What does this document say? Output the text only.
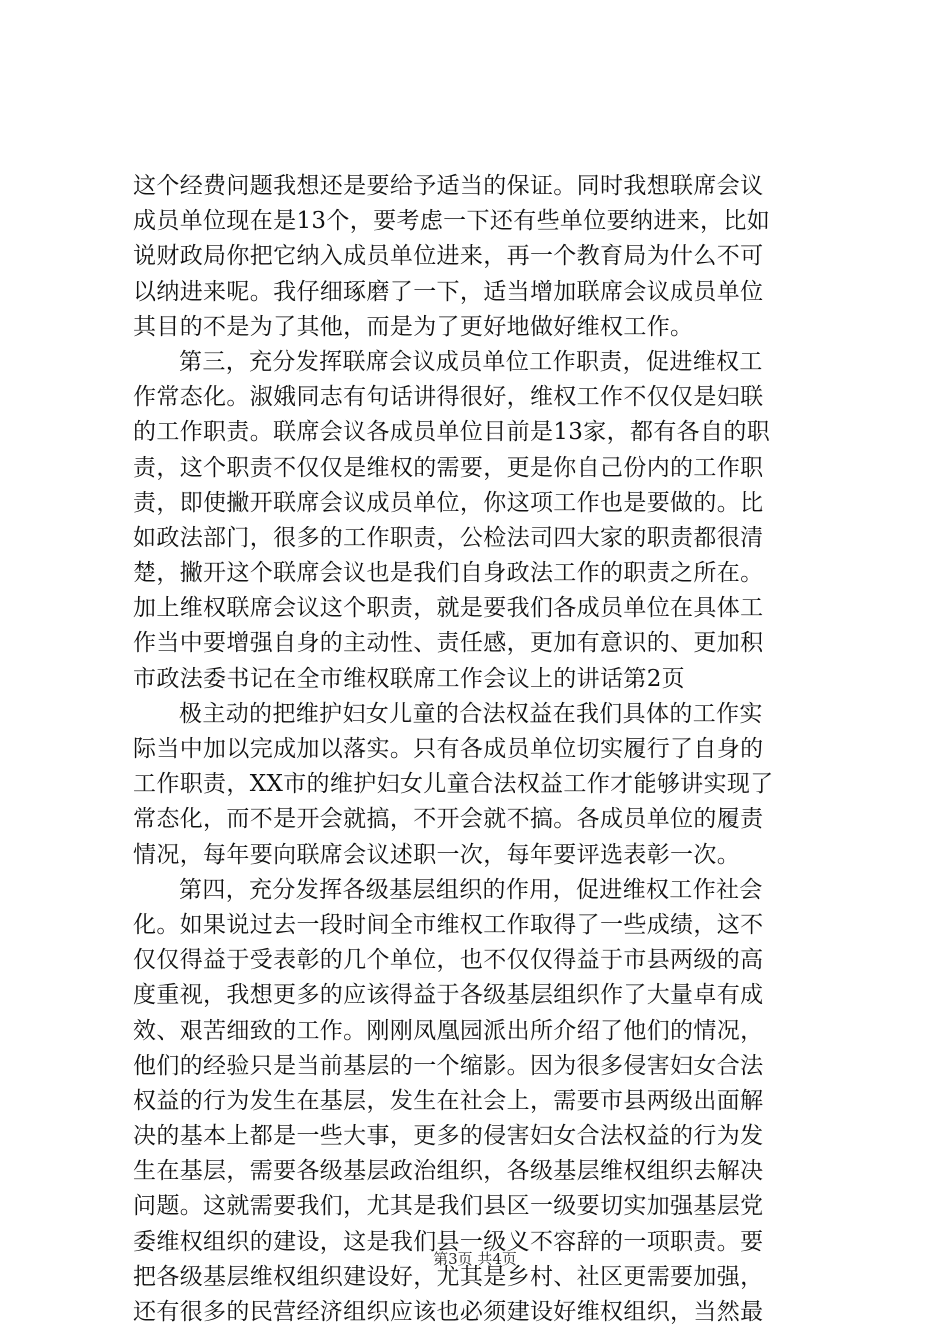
这个经费问题我想还是要给予适当的保证。同时我想联席会议
成员单位现在是13个，要考虑一下还有些单位要纳进来，比如
说财政局你把它纳入成员单位进来，再一个教育局为什么不可
以纳进来呢。我仔细琢磨了一下，适当增加联席会议成员单位
其目的不是为了其他，而是为了更好地做好维权工作。
第三，充分发挥联席会议成员单位工作职责，促进维权工
作常态化。淑娥同志有句话讲得很好，维权工作不仅仅是妇联
的工作职责。联席会议各成员单位目前是13家，都有各自的职
责，这个职责不仅仅是维权的需要，更是你自己份内的工作职
责，即使撇开联席会议成员单位，你这项工作也是要做的。比
如政法部门，很多的工作职责，公检法司四大家的职责都很清
楚，撇开这个联席会议也是我们自身政法工作的职责之所在。
加上维权联席会议这个职责，就是要我们各成员单位在具体工
作当中要增强自身的主动性、责任感，更加有意识的、更加积
市政法委书记在全市维权联席工作会议上的讲话第2页
极主动的把维护妇女儿童的合法权益在我们具体的工作实
际当中加以完成加以落实。只有各成员单位切实履行了自身的
工作职责，XX市的维护妇女儿童合法权益工作才能够讲实现了
常态化，而不是开会就搞，不开会就不搞。各成员单位的履责
情况，每年要向联席会议述职一次，每年要评选表彰一次。
第四，充分发挥各级基层组织的作用，促进维权工作社会
化。如果说过去一段时间全市维权工作取得了一些成绩，这不
仅仅得益于受表彰的几个单位，也不仅仅得益于市县两级的高
度重视，我想更多的应该得益于各级基层组织作了大量卓有成
效、艰苦细致的工作。刚刚凤凰园派出所介绍了他们的情况，
他们的经验只是当前基层的一个缩影。因为很多侵害妇女合法
权益的行为发生在基层，发生在社会上，需要市县两级出面解
决的基本上都是一些大事，更多的侵害妇女合法权益的行为发
生在基层，需要各级基层政治组织，各级基层维权组织去解决
问题。这就需要我们，尤其是我们县区一级要切实加强基层党
委维权组织的建设，这是我们县一级义不容辞的一项职责。要
把各级基层维权组织建设好，尤其是乡村、社区更需要加强，
还有很多的民营经济组织应该也必须建设好维权组织，当然最
第3页 共4页
